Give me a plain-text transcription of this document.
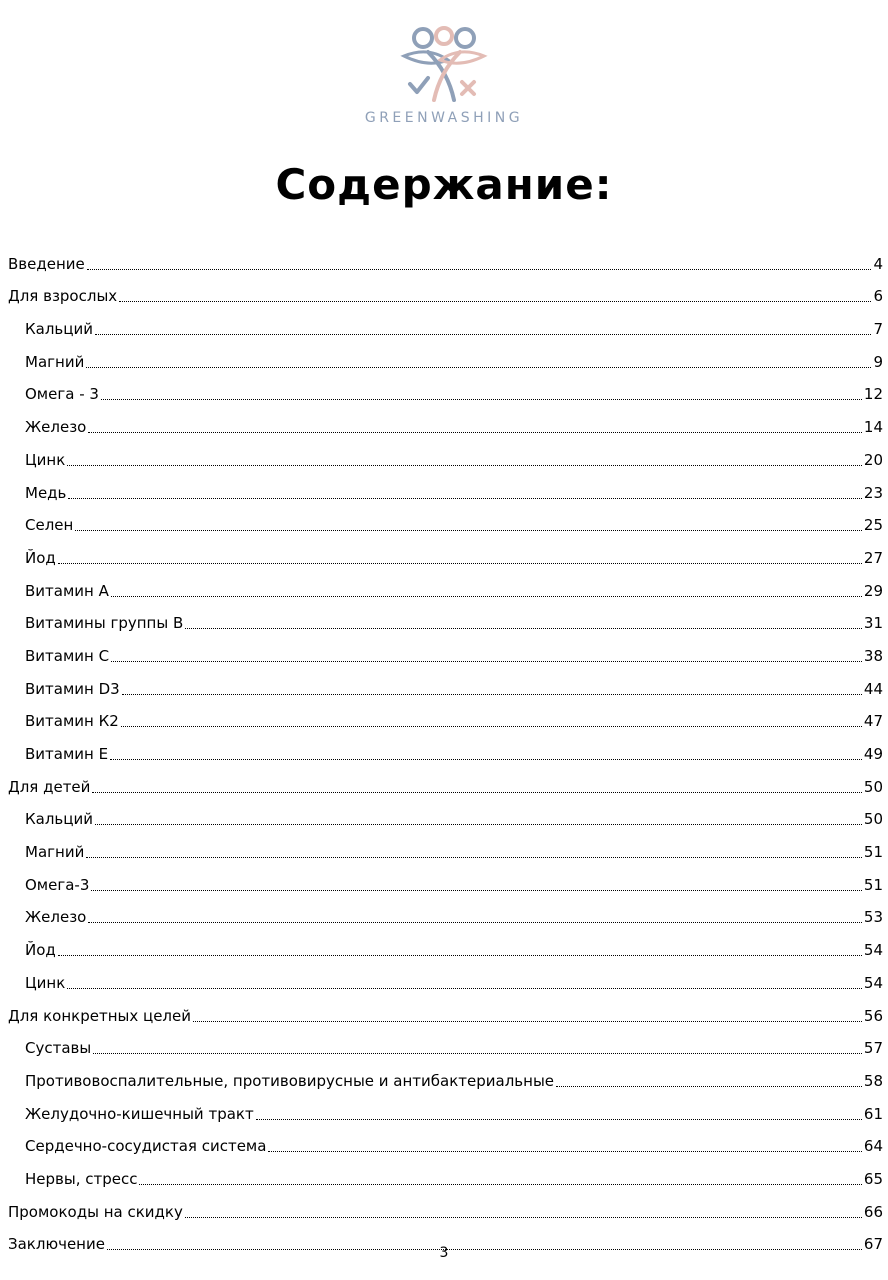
GREENWASHING
Содержание:
Введение	4
Для взрослых	6
Кальций	7
Магний	9
Омега - 3	12
Железо	14
Цинк	20
Медь	23
Селен	25
Йод	27
Витамин А	29
Витамины группы В	31
Витамин С	38
Витамин D3	44
Витамин К2	47
Витамин Е	49
Для детей	50
Кальций	50
Магний	51
Омега-3	51
Железо	53
Йод	54
Цинк	54
Для конкретных целей	56
Суставы	57
Противовоспалительные, противовирусные и антибактериальные	58
Желудочно-кишечный тракт	61
Сердечно-сосудистая система	64
Нервы, стресс	65
Промокоды на скидку	66
Заключение	67
3
